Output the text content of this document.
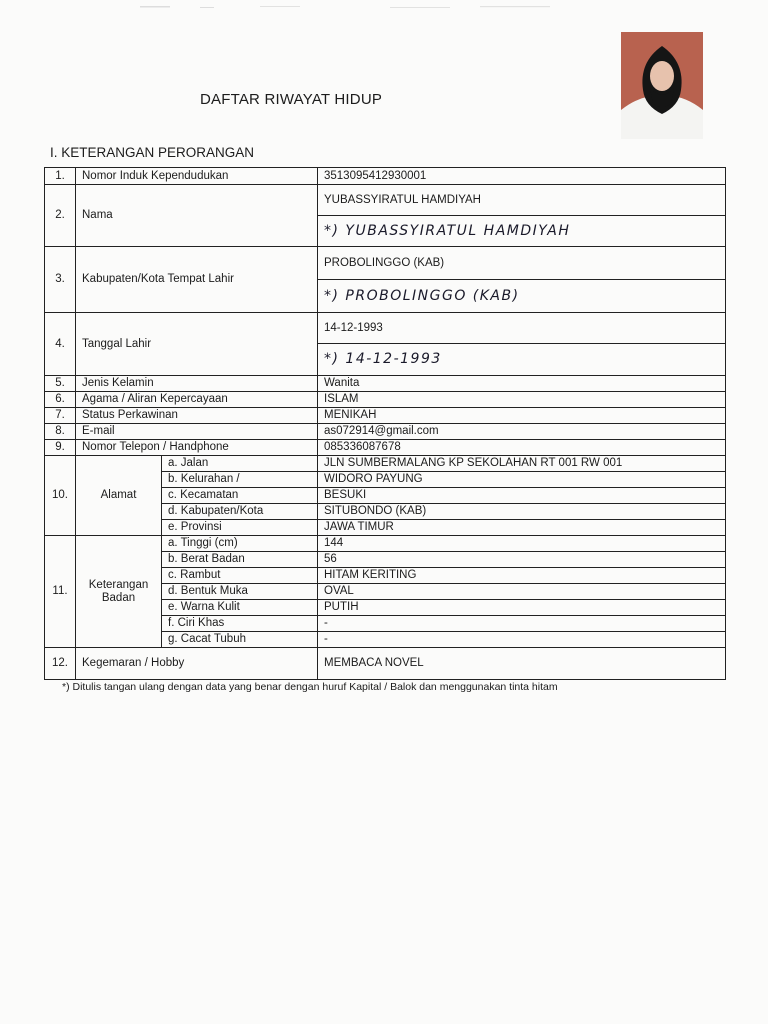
DAFTAR RIWAYAT HIDUP
I. KETERANGAN PERORANGAN
1.	Nomor Induk Kependudukan		3513095412930001
2.	Nama		YUBASSYIRATUL HAMDIYAH
			*) YUBASSYIRATUL HAMDIYAH
3.	Kabupaten/Kota Tempat Lahir		PROBOLINGGO (KAB)
			*) PROBOLINGGO (KAB)
4.	Tanggal Lahir		14-12-1993
			*) 14-12-1993
5.	Jenis Kelamin		Wanita
6.	Agama / Aliran Kepercayaan		ISLAM
7.	Status Perkawinan		MENIKAH
8.	E-mail		as072914@gmail.com
9.	Nomor Telepon / Handphone		085336087678
10.	Alamat	a. Jalan	JLN SUMBERMALANG KP SEKOLAHAN RT 001 RW 001
		b. Kelurahan /	WIDORO PAYUNG
		c. Kecamatan	BESUKI
		d. Kabupaten/Kota	SITUBONDO (KAB)
		e. Provinsi	JAWA TIMUR
11.	Keterangan
Badan	a. Tinggi (cm)	144
		b. Berat Badan	56
		c. Rambut	HITAM KERITING
		d. Bentuk Muka	OVAL
		e. Warna Kulit	PUTIH
		f. Ciri Khas	-
		g. Cacat Tubuh	-
12.	Kegemaran / Hobby		MEMBACA NOVEL
*) Ditulis tangan ulang dengan data yang benar dengan huruf Kapital / Balok dan menggunakan tinta hitam
